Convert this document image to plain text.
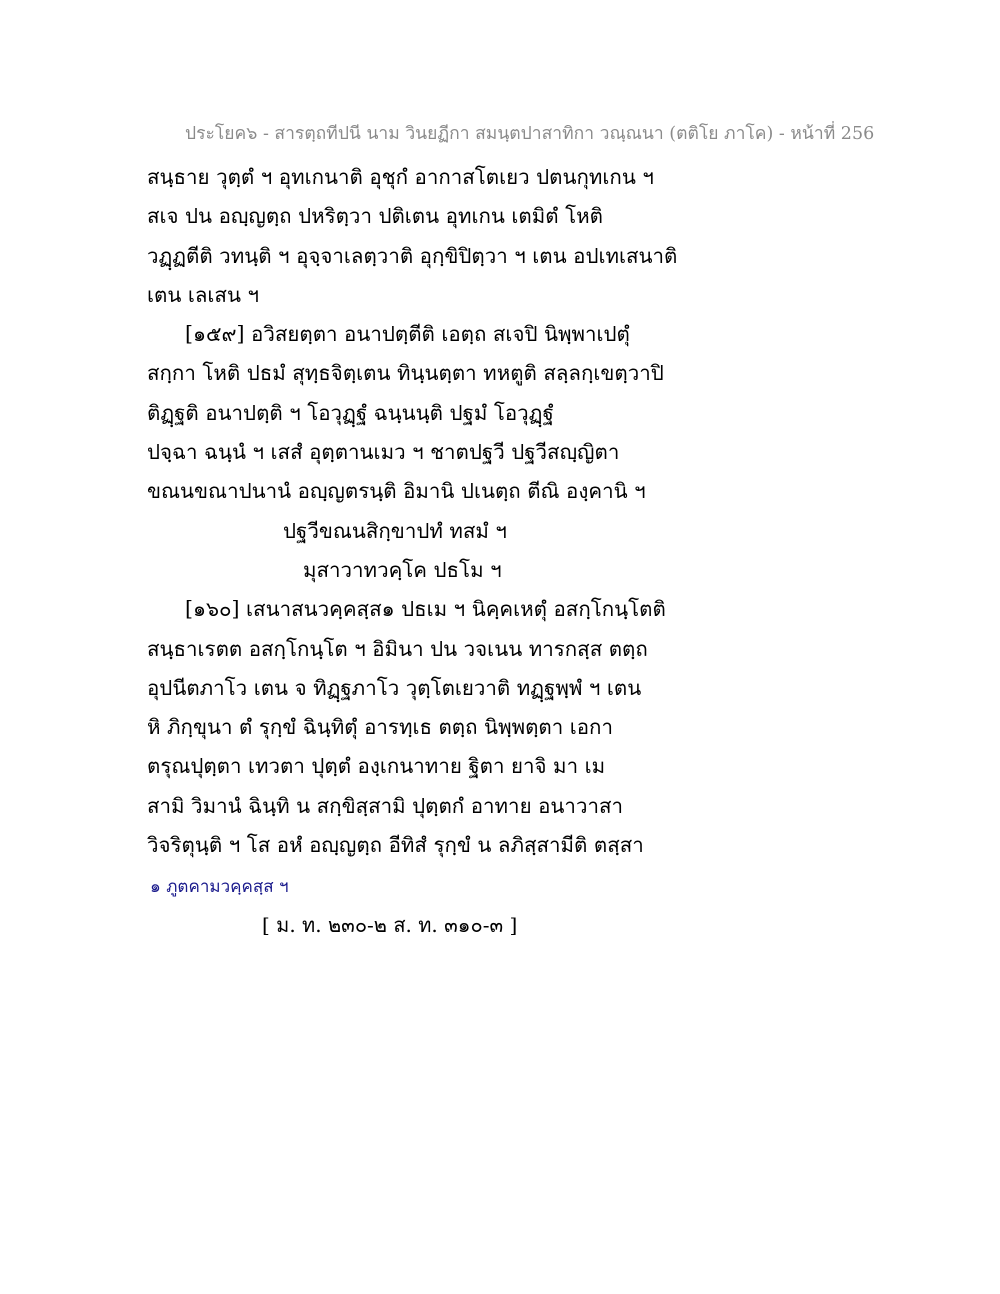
ประโยค๖ - สารตฺถทีปนี นาม วินยฏีกา สมนฺตปาสาทิกา วณฺณนา (ตติโย ภาโค) - หน้าที่ 256
สนฺธาย วุตฺตํ ฯ อุทเกนาติ อุชุกํ อากาสโตเยว ปตนกุทเกน ฯ
สเจ ปน อญฺญตฺถ ปหริตฺวา ปติเตน อุทเกน เตมิตํ โหติ
วฏฺฏตีติ วทนฺติ ฯ อุจฺจาเลตฺวาติ อุกฺขิปิตฺวา ฯ เตน อปเทเสนาติ
เตน เลเสน ฯ
[๑๕๙] อวิสยตฺตา อนาปตฺตีติ เอตฺถ สเจปิ นิพฺพาเปตุํ
สกฺกา โหติ ปธมํ สุทฺธจิตฺเตน ทินฺนตฺตา ทหตูติ สลฺลกฺเขตฺวาปิ
ติฏฺฐติ อนาปตฺติ ฯ โอวุฏฺฐํ ฉนฺนนฺติ ปฐมํ โอวุฏฺฐํ
ปจฺฉา ฉนฺนํ ฯ เสสํ อุตฺตานเมว ฯ ชาตปฐวี ปฐวีสญฺญิตา
ขณนขณาปนานํ อญฺญตรนฺติ อิมานิ ปเนตฺถ ตีณิ องฺคานิ ฯ
ปฐวีขณนสิกฺขาปทํ ทสมํ ฯ
มุสาวาทวคฺโค ปธโม ฯ
[๑๖๐] เสนาสนวคฺคสฺส๑ ปธเม ฯ นิคฺคเหตุํ อสกฺโกนฺโตติ
สนฺธาเรตต อสกฺโกนฺโต ฯ อิมินา ปน วจเนน ทารกสฺส ตตฺถ
อุปนีตภาโว เตน จ ทิฏฺฐภาโว วุตฺโตเยวาติ ทฏฺฐพฺพํ ฯ เตน
หิ ภิกฺขุนา ตํ รุกฺขํ ฉินฺทิตุํ อารทฺเธ ตตฺถ นิพฺพตฺตา เอกา
ตรุณปุตฺตา เทวตา ปุตฺตํ องฺเกนาทาย ฐิตา ยาจิ มา เม
สามิ วิมานํ ฉินฺทิ น สกฺขิสฺสามิ ปุตฺตกํ อาทาย อนาวาสา
วิจริตุนฺติ ฯ โส อหํ อญฺญตฺถ อีทิสํ รุกฺขํ น ลภิสฺสามีติ ตสฺสา
๑ ภูตคามวคฺคสฺส ฯ
[ ม. ท. ๒๓๐-๒ ส. ท. ๓๑๐-๓ ]
